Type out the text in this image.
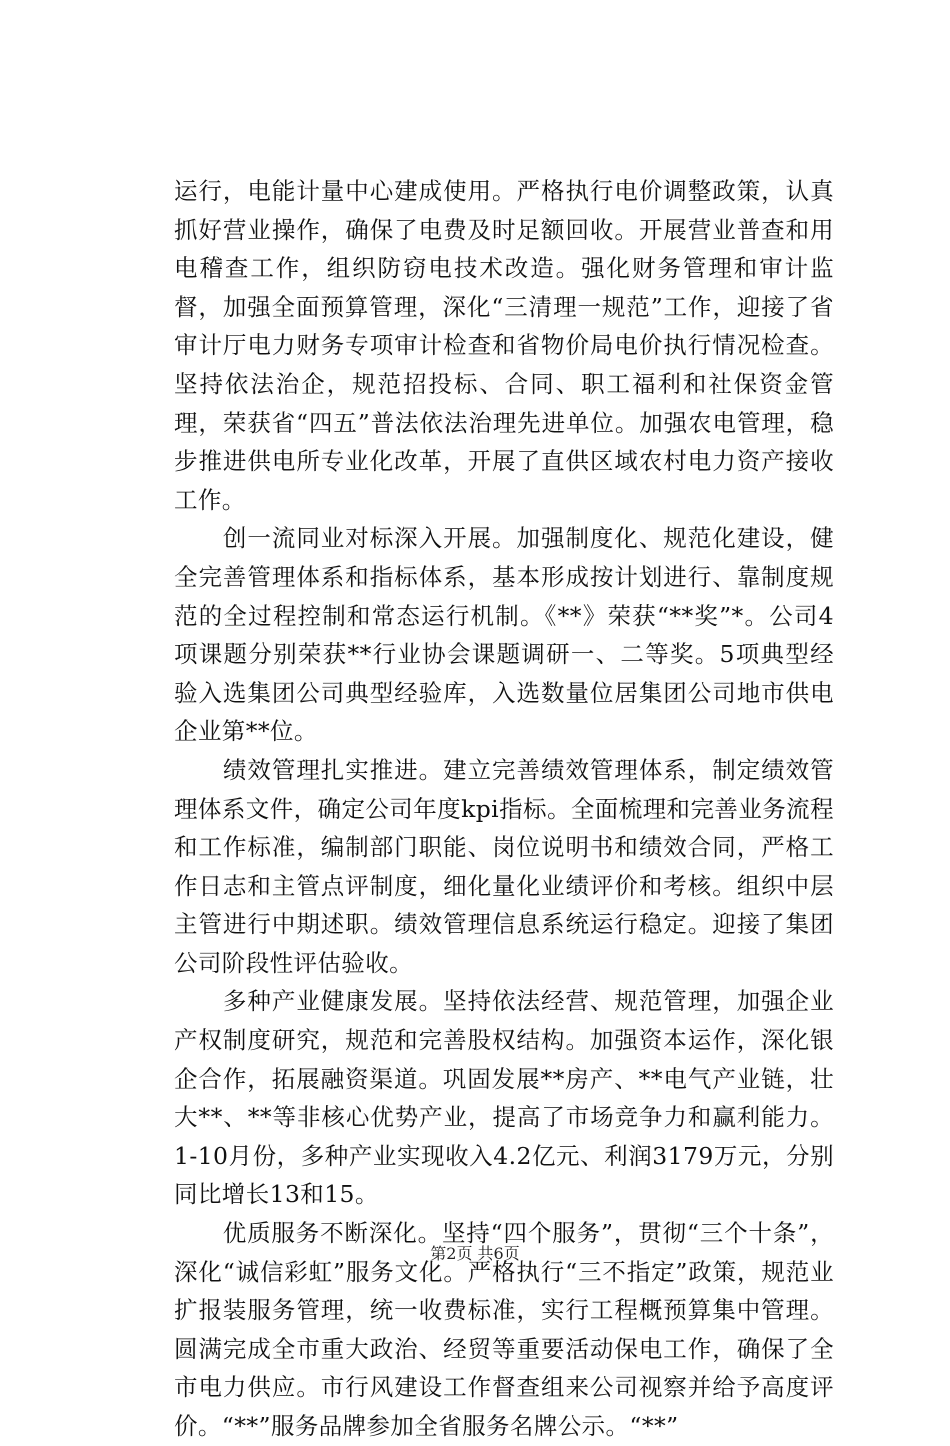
运行，电能计量中心建成使用。严格执行电价调整政策，认真抓好营业操作，确保了电费及时足额回收。开展营业普查和用电稽查工作，组织防窃电技术改造。强化财务管理和审计监督，加强全面预算管理，深化“三清理一规范”工作，迎接了省审计厅电力财务专项审计检查和省物价局电价执行情况检查。坚持依法治企，规范招投标、合同、职工福利和社保资金管理，荣获省“四五”普法依法治理先进单位。加强农电管理，稳步推进供电所专业化改革，开展了直供区域农村电力资产接收工作。

　　创一流同业对标深入开展。加强制度化、规范化建设，健全完善管理体系和指标体系，基本形成按计划进行、靠制度规范的全过程控制和常态运行机制。《**》荣获“**奖”*。公司4项课题分别荣获**行业协会课题调研一、二等奖。5项典型经验入选集团公司典型经验库，入选数量位居集团公司地市供电企业第**位。

　　绩效管理扎实推进。建立完善绩效管理体系，制定绩效管理体系文件，确定公司年度kpi指标。全面梳理和完善业务流程和工作标准，编制部门职能、岗位说明书和绩效合同，严格工作日志和主管点评制度，细化量化业绩评价和考核。组织中层主管进行中期述职。绩效管理信息系统运行稳定。迎接了集团公司阶段性评估验收。

　　多种产业健康发展。坚持依法经营、规范管理，加强企业产权制度研究，规范和完善股权结构。加强资本运作，深化银企合作，拓展融资渠道。巩固发展**房产、**电气产业链，壮大**、**等非核心优势产业，提高了市场竞争力和赢利能力。1-10月份，多种产业实现收入4.2亿元、利润3179万元，分别同比增长13和15。

　　优质服务不断深化。坚持“四个服务”，贯彻“三个十条”，深化“诚信彩虹”服务文化。严格执行“三不指定”政策，规范业扩报装服务管理，统一收费标准，实行工程概预算集中管理。圆满完成全市重大政治、经贸等重要活动保电工作，确保了全市电力供应。市行风建设工作督查组来公司视察并给予高度评价。“**”服务品牌参加全省服务名牌公示。“**”

第2页 共6页
